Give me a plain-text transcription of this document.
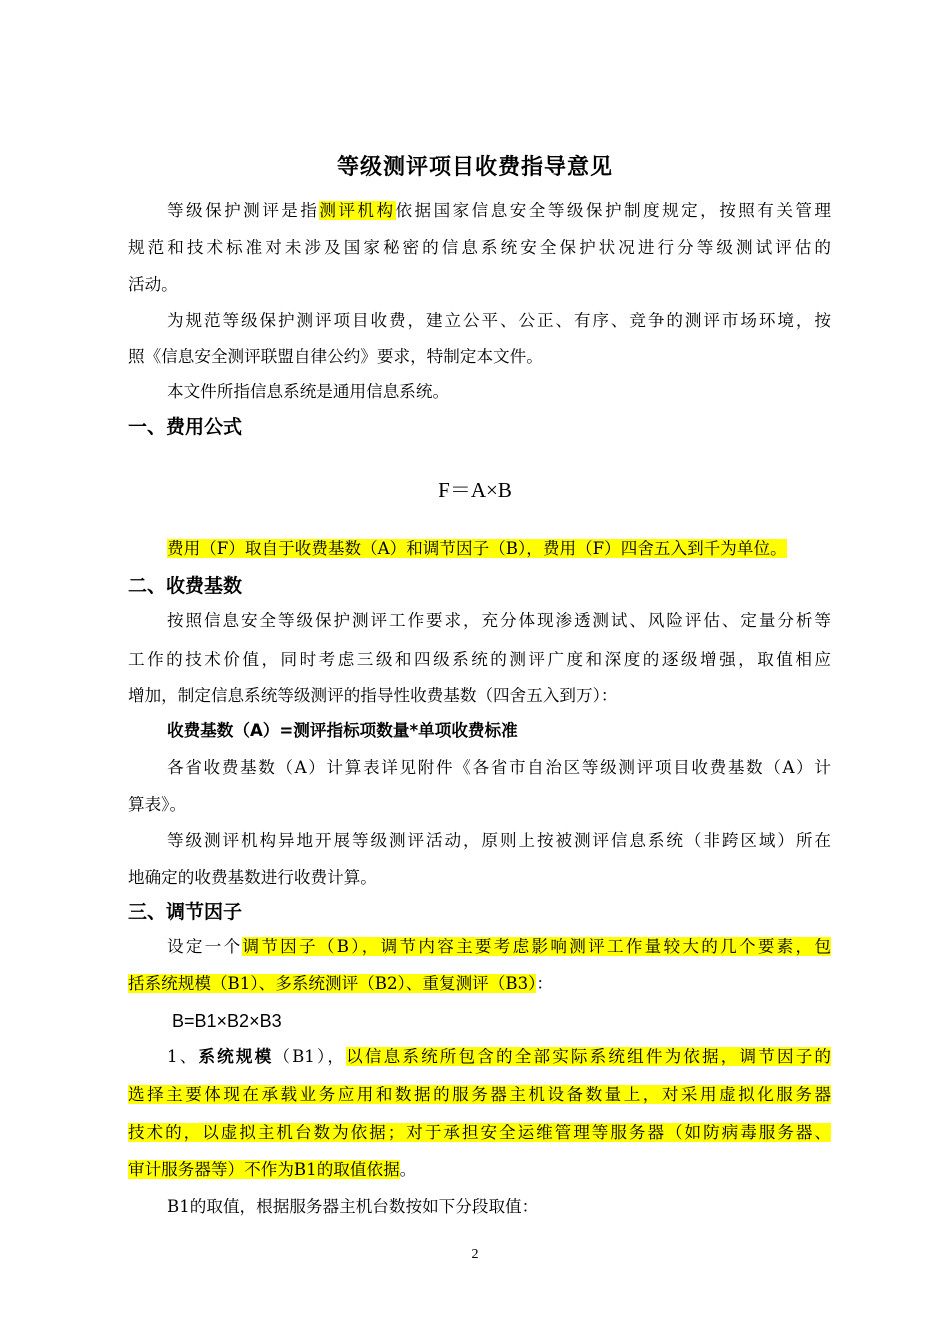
等级测评项目收费指导意见
等级保护测评是指测评机构依据国家信息安全等级保护制度规定，按照有关管理
规范和技术标准对未涉及国家秘密的信息系统安全保护状况进行分等级测试评估的
活动。
为规范等级保护测评项目收费，建立公平、公正、有序、竞争的测评市场环境，按
照《信息安全测评联盟自律公约》要求，特制定本文件。
本文件所指信息系统是通用信息系统。
一、费用公式
F＝A×B
费用（F）取自于收费基数（A）和调节因子（B），费用（F）四舍五入到千为单位。
二、收费基数
按照信息安全等级保护测评工作要求，充分体现渗透测试、风险评估、定量分析等
工作的技术价值，同时考虑三级和四级系统的测评广度和深度的逐级增强，取值相应
增加，制定信息系统等级测评的指导性收费基数（四舍五入到万）：
收费基数（A）=测评指标项数量*单项收费标准
各省收费基数（A）计算表详见附件《各省市自治区等级测评项目收费基数（A）计
算表》。
等级测评机构异地开展等级测评活动，原则上按被测评信息系统（非跨区域）所在
地确定的收费基数进行收费计算。
三、调节因子
设定一个调节因子（B），调节内容主要考虑影响测评工作量较大的几个要素，包
括系统规模（B1）、多系统测评（B2）、重复测评（B3）：
B=B1×B2×B3
1、系统规模（B1），以信息系统所包含的全部实际系统组件为依据，调节因子的
选择主要体现在承载业务应用和数据的服务器主机设备数量上，对采用虚拟化服务器
技术的，以虚拟主机台数为依据；对于承担安全运维管理等服务器（如防病毒服务器、
审计服务器等）不作为B1的取值依据。
B1的取值，根据服务器主机台数按如下分段取值：
2
